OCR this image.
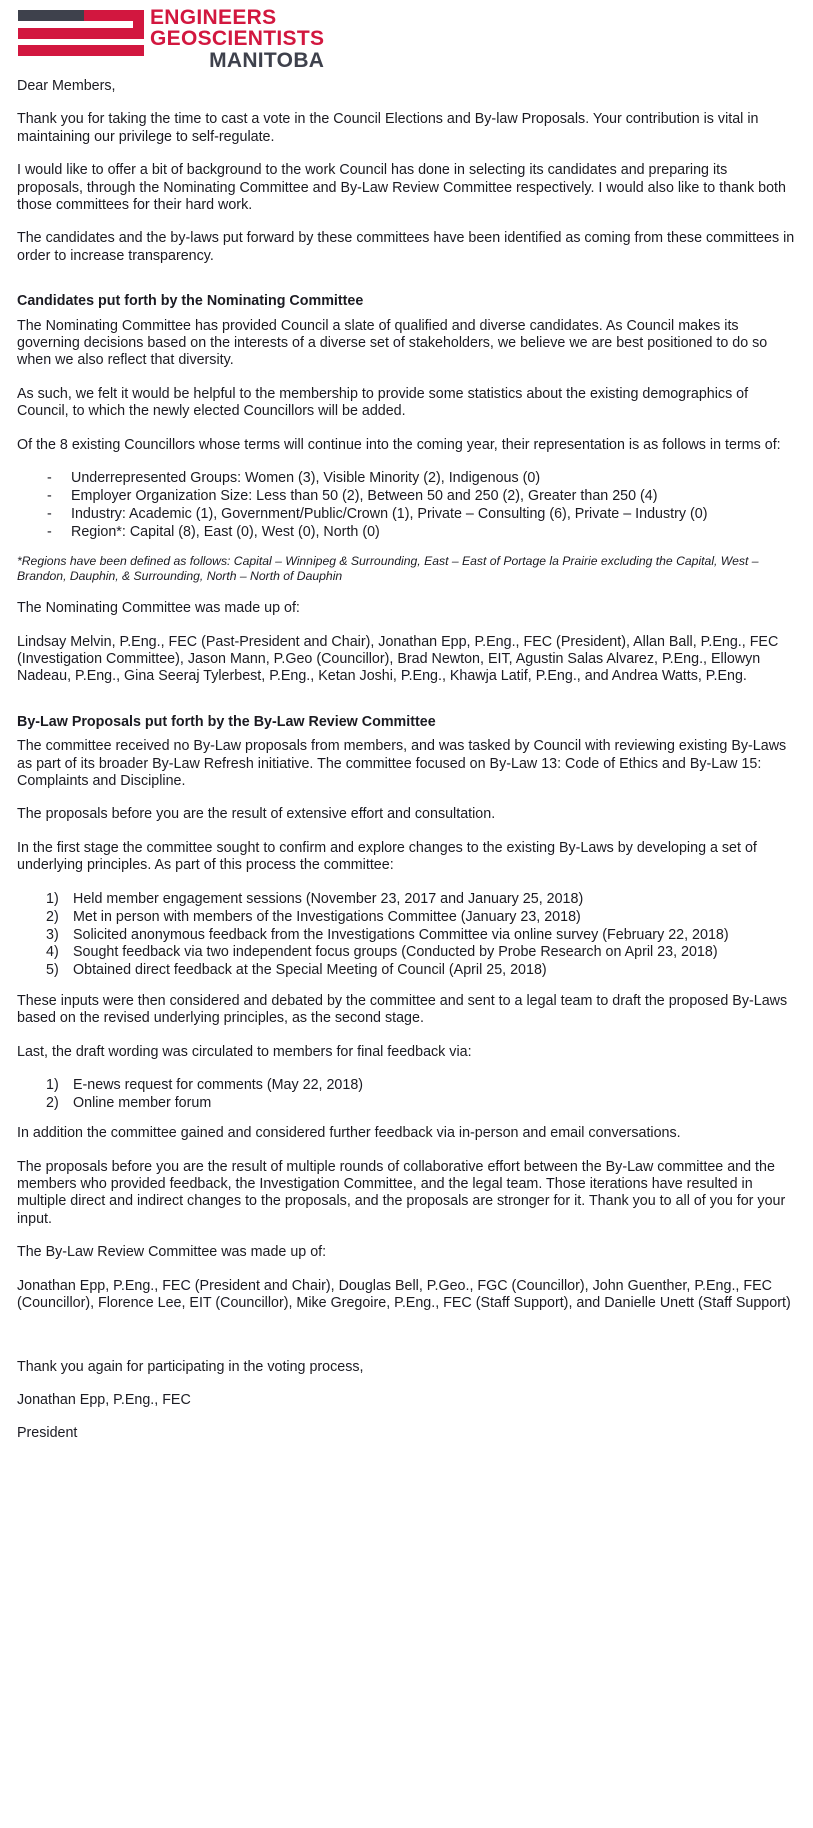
ENGINEERS
GEOSCIENTISTS
MANITOBA

Dear Members,

Thank you for taking the time to cast a vote in the Council Elections and By-law Proposals. Your contribution is vital in maintaining our privilege to self-regulate.

I would like to offer a bit of background to the work Council has done in selecting its candidates and preparing its proposals, through the Nominating Committee and By-Law Review Committee respectively. I would also like to thank both those committees for their hard work.

The candidates and the by-laws put forward by these committees have been identified as coming from these committees in order to increase transparency.

Candidates put forth by the Nominating Committee

The Nominating Committee has provided Council a slate of qualified and diverse candidates. As Council makes its governing decisions based on the interests of a diverse set of stakeholders, we believe we are best positioned to do so when we also reflect that diversity.

As such, we felt it would be helpful to the membership to provide some statistics about the existing demographics of Council, to which the newly elected Councillors will be added.

Of the 8 existing Councillors whose terms will continue into the coming year, their representation is as follows in terms of:

- Underrepresented Groups: Women (3), Visible Minority (2), Indigenous (0)
- Employer Organization Size: Less than 50 (2), Between 50 and 250 (2), Greater than 250 (4)
- Industry: Academic (1), Government/Public/Crown (1), Private – Consulting (6), Private – Industry (0)
- Region*: Capital (8), East (0), West (0), North (0)

*Regions have been defined as follows: Capital – Winnipeg & Surrounding, East – East of Portage la Prairie excluding the Capital, West – Brandon, Dauphin, & Surrounding, North – North of Dauphin

The Nominating Committee was made up of:

Lindsay Melvin, P.Eng., FEC (Past-President and Chair), Jonathan Epp, P.Eng., FEC (President), Allan Ball, P.Eng., FEC (Investigation Committee), Jason Mann, P.Geo (Councillor), Brad Newton, EIT, Agustin Salas Alvarez, P.Eng., Ellowyn Nadeau, P.Eng., Gina Seeraj Tylerbest, P.Eng., Ketan Joshi, P.Eng., Khawja Latif, P.Eng., and Andrea Watts, P.Eng.

By-Law Proposals put forth by the By-Law Review Committee

The committee received no By-Law proposals from members, and was tasked by Council with reviewing existing By-Laws as part of its broader By-Law Refresh initiative. The committee focused on By-Law 13: Code of Ethics and By-Law 15: Complaints and Discipline.

The proposals before you are the result of extensive effort and consultation.

In the first stage the committee sought to confirm and explore changes to the existing By-Laws by developing a set of underlying principles. As part of this process the committee:

Held member engagement sessions (November 23, 2017 and January 25, 2018)
Met in person with members of the Investigations Committee (January 23, 2018)
Solicited anonymous feedback from the Investigations Committee via online survey (February 22, 2018)
Sought feedback via two independent focus groups (Conducted by Probe Research on April 23, 2018)
Obtained direct feedback at the Special Meeting of Council (April 25, 2018)

These inputs were then considered and debated by the committee and sent to a legal team to draft the proposed By-Laws based on the revised underlying principles, as the second stage.

Last, the draft wording was circulated to members for final feedback via:

E-news request for comments (May 22, 2018)
Online member forum

In addition the committee gained and considered further feedback via in-person and email conversations.

The proposals before you are the result of multiple rounds of collaborative effort between the By-Law committee and the members who provided feedback, the Investigation Committee, and the legal team. Those iterations have resulted in multiple direct and indirect changes to the proposals, and the proposals are stronger for it. Thank you to all of you for your input.

The By-Law Review Committee was made up of:

Jonathan Epp, P.Eng., FEC (President and Chair), Douglas Bell, P.Geo., FGC (Councillor), John Guenther, P.Eng., FEC (Councillor), Florence Lee, EIT (Councillor), Mike Gregoire, P.Eng., FEC (Staff Support), and Danielle Unett (Staff Support)

Thank you again for participating in the voting process,

Jonathan Epp, P.Eng., FEC

President
